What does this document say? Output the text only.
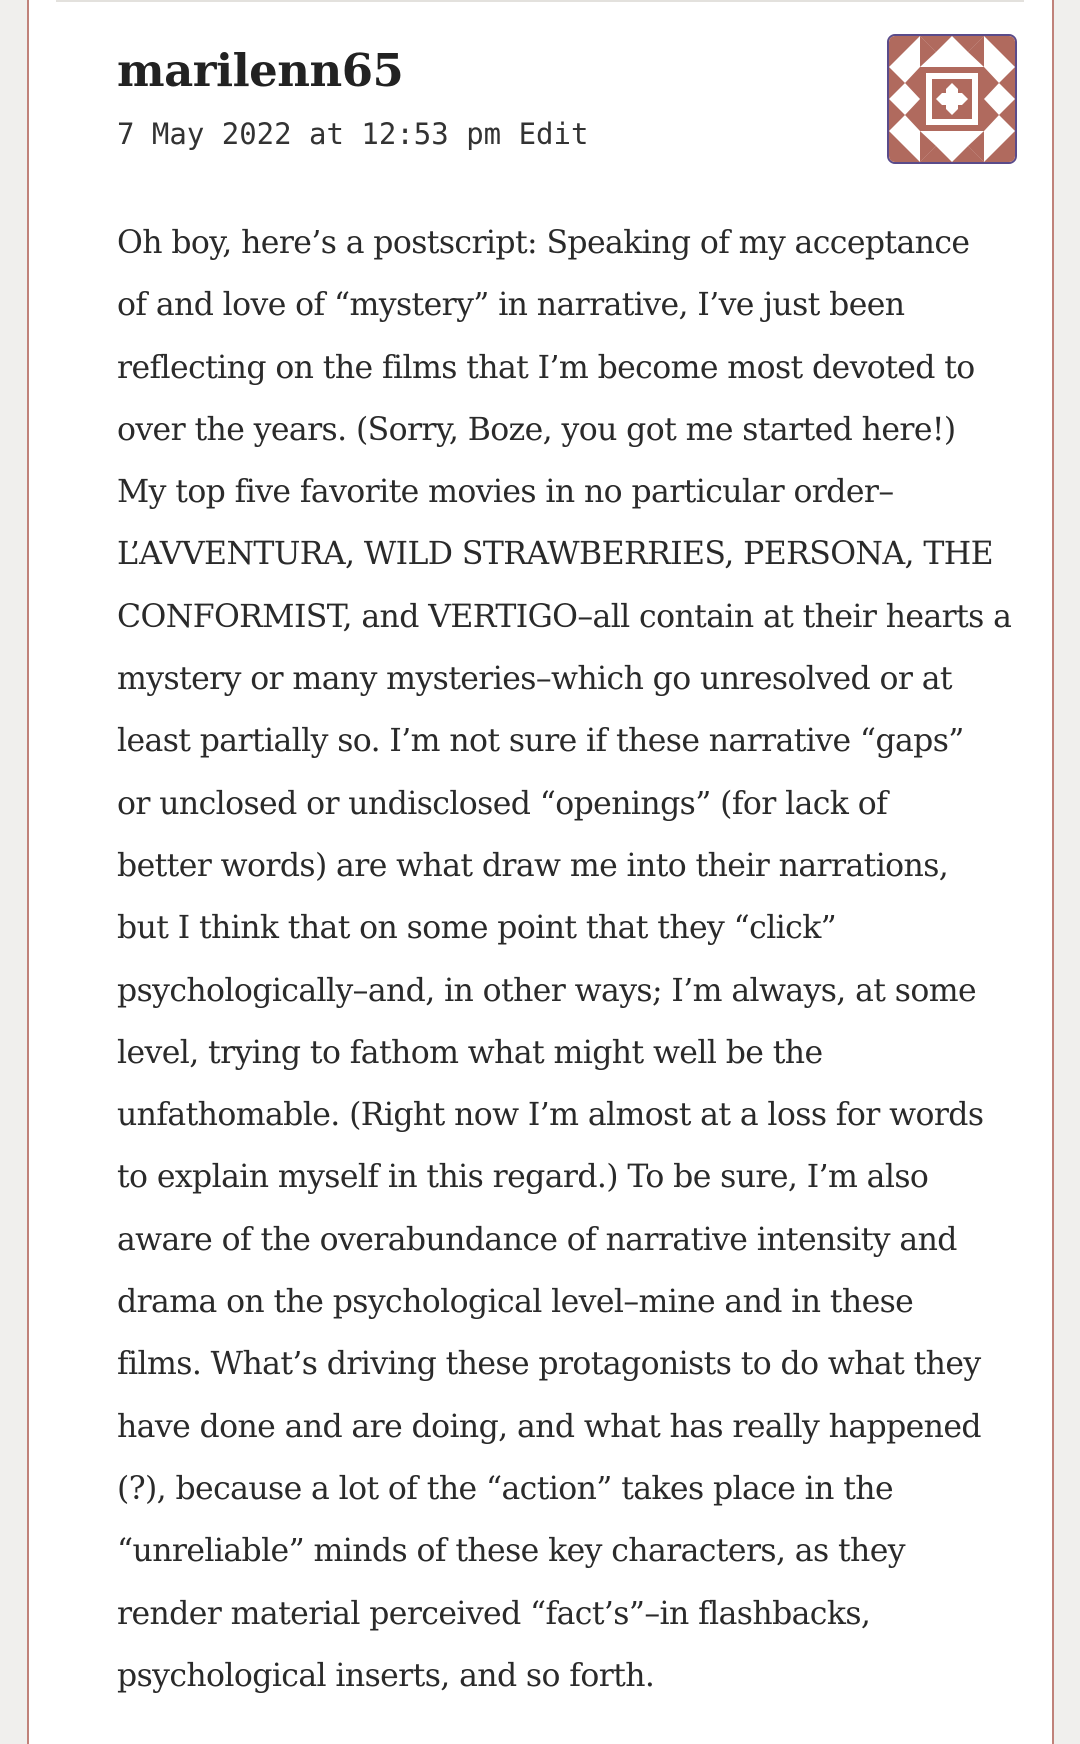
marilenn65
7 May 2022 at 12:53 pm Edit

Oh boy, here’s a postscript: Speaking of my acceptance
of and love of “mystery” in narrative, I’ve just been
reflecting on the films that I’m become most devoted to
over the years. (Sorry, Boze, you got me started here!)
My top five favorite movies in no particular order–
L’AVVENTURA, WILD STRAWBERRIES, PERSONA, THE
CONFORMIST, and VERTIGO–all contain at their hearts a
mystery or many mysteries–which go unresolved or at
least partially so. I’m not sure if these narrative “gaps”
or unclosed or undisclosed “openings” (for lack of
better words) are what draw me into their narrations,
but I think that on some point that they “click”
psychologically–and, in other ways; I’m always, at some
level, trying to fathom what might well be the
unfathomable. (Right now I’m almost at a loss for words
to explain myself in this regard.) To be sure, I’m also
aware of the overabundance of narrative intensity and
drama on the psychological level–mine and in these
films. What’s driving these protagonists to do what they
have done and are doing, and what has really happened
(?), because a lot of the “action” takes place in the
“unreliable” minds of these key characters, as they
render material perceived “fact’s”–in flashbacks,
psychological inserts, and so forth.
